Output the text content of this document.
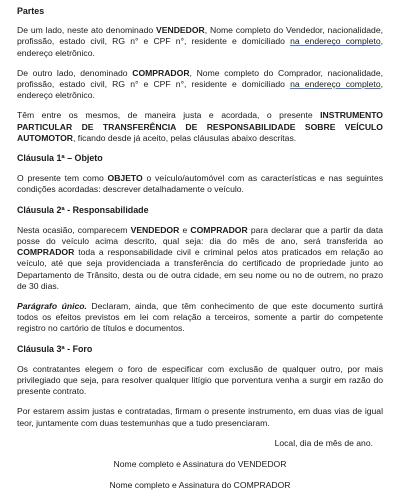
Partes

De um lado, neste ato denominado VENDEDOR, Nome completo do Vendedor, nacionalidade, profissão, estado civil, RG n° e CPF n°, residente e domiciliado na endereço completo, endereço eletrônico.

De outro lado, denominado COMPRADOR, Nome completo do Comprador, nacionalidade, profissão, estado civil, RG n° e CPF n°, residente e domiciliado na endereço completo, endereço eletrônico.

Têm entre os mesmos, de maneira justa e acordada, o presente INSTRUMENTO PARTICULAR DE TRANSFERÊNCIA DE RESPONSABILIDADE SOBRE VEÍCULO AUTOMOTOR, ficando desde já aceito, pelas cláusulas abaixo descritas.

Cláusula 1ª – Objeto

O presente tem como OBJETO o veículo/automóvel com as características e nas seguintes condições acordadas: descrever detalhadamente o veículo.

Cláusula 2ª - Responsabilidade

Nesta ocasião, comparecem VENDEDOR e COMPRADOR para declarar que a partir da data posse do veículo acima descrito, qual seja: dia do mês de ano, será transferida ao COMPRADOR toda a responsabilidade civil e criminal pelos atos praticados em relação ao veículo, até que seja providenciada a transferência do certificado de propriedade junto ao Departamento de Trânsito, desta ou de outra cidade, em seu nome ou no de outrem, no prazo de 30 dias.

Parágrafo único. Declaram, ainda, que têm conhecimento de que este documento surtirá todos os efeitos previstos em lei com relação a terceiros, somente a partir do competente registro no cartório de títulos e documentos.

Cláusula 3ª - Foro

Os contratantes elegem o foro de especificar com exclusão de qualquer outro, por mais privilegiado que seja, para resolver qualquer litígio que porventura venha a surgir em razão do presente contrato.

Por estarem assim justas e contratadas, firmam o presente instrumento, em duas vias de igual teor, juntamente com duas testemunhas que a tudo presenciaram.

Local, dia de mês de ano.

Nome completo e Assinatura do VENDEDOR

Nome completo e Assinatura do COMPRADOR
